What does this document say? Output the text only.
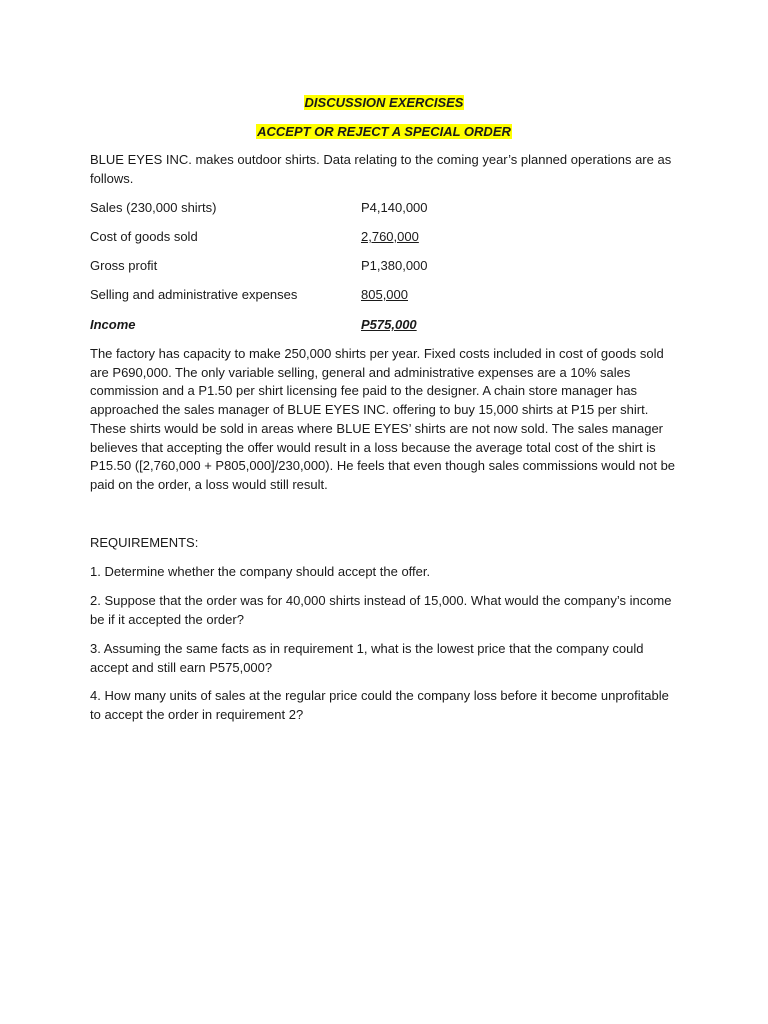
DISCUSSION EXERCISES
ACCEPT OR REJECT A SPECIAL ORDER

BLUE EYES INC. makes outdoor shirts. Data relating to the coming year’s planned operations are as follows.

Sales (230,000 shirts)	P4,140,000
Cost of goods sold	2,760,000
Gross profit	P1,380,000
Selling and administrative expenses	805,000
Income	P575,000

The factory has capacity to make 250,000 shirts per year. Fixed costs included in cost of goods sold are P690,000. The only variable selling, general and administrative expenses are a 10% sales commission and a P1.50 per shirt licensing fee paid to the designer. A chain store manager has approached the sales manager of BLUE EYES INC. offering to buy 15,000 shirts at P15 per shirt. These shirts would be sold in areas where BLUE EYES’ shirts are not now sold. The sales manager believes that accepting the offer would result in a loss because the average total cost of the shirt is P15.50 ([2,760,000 + P805,000]/230,000). He feels that even though sales commissions would not be paid on the order, a loss would still result.

REQUIREMENTS:

1. Determine whether the company should accept the offer.

2. Suppose that the order was for 40,000 shirts instead of 15,000. What would the company’s income be if it accepted the order?

3. Assuming the same facts as in requirement 1, what is the lowest price that the company could accept and still earn P575,000?

4. How many units of sales at the regular price could the company loss before it become unprofitable to accept the order in requirement 2?
